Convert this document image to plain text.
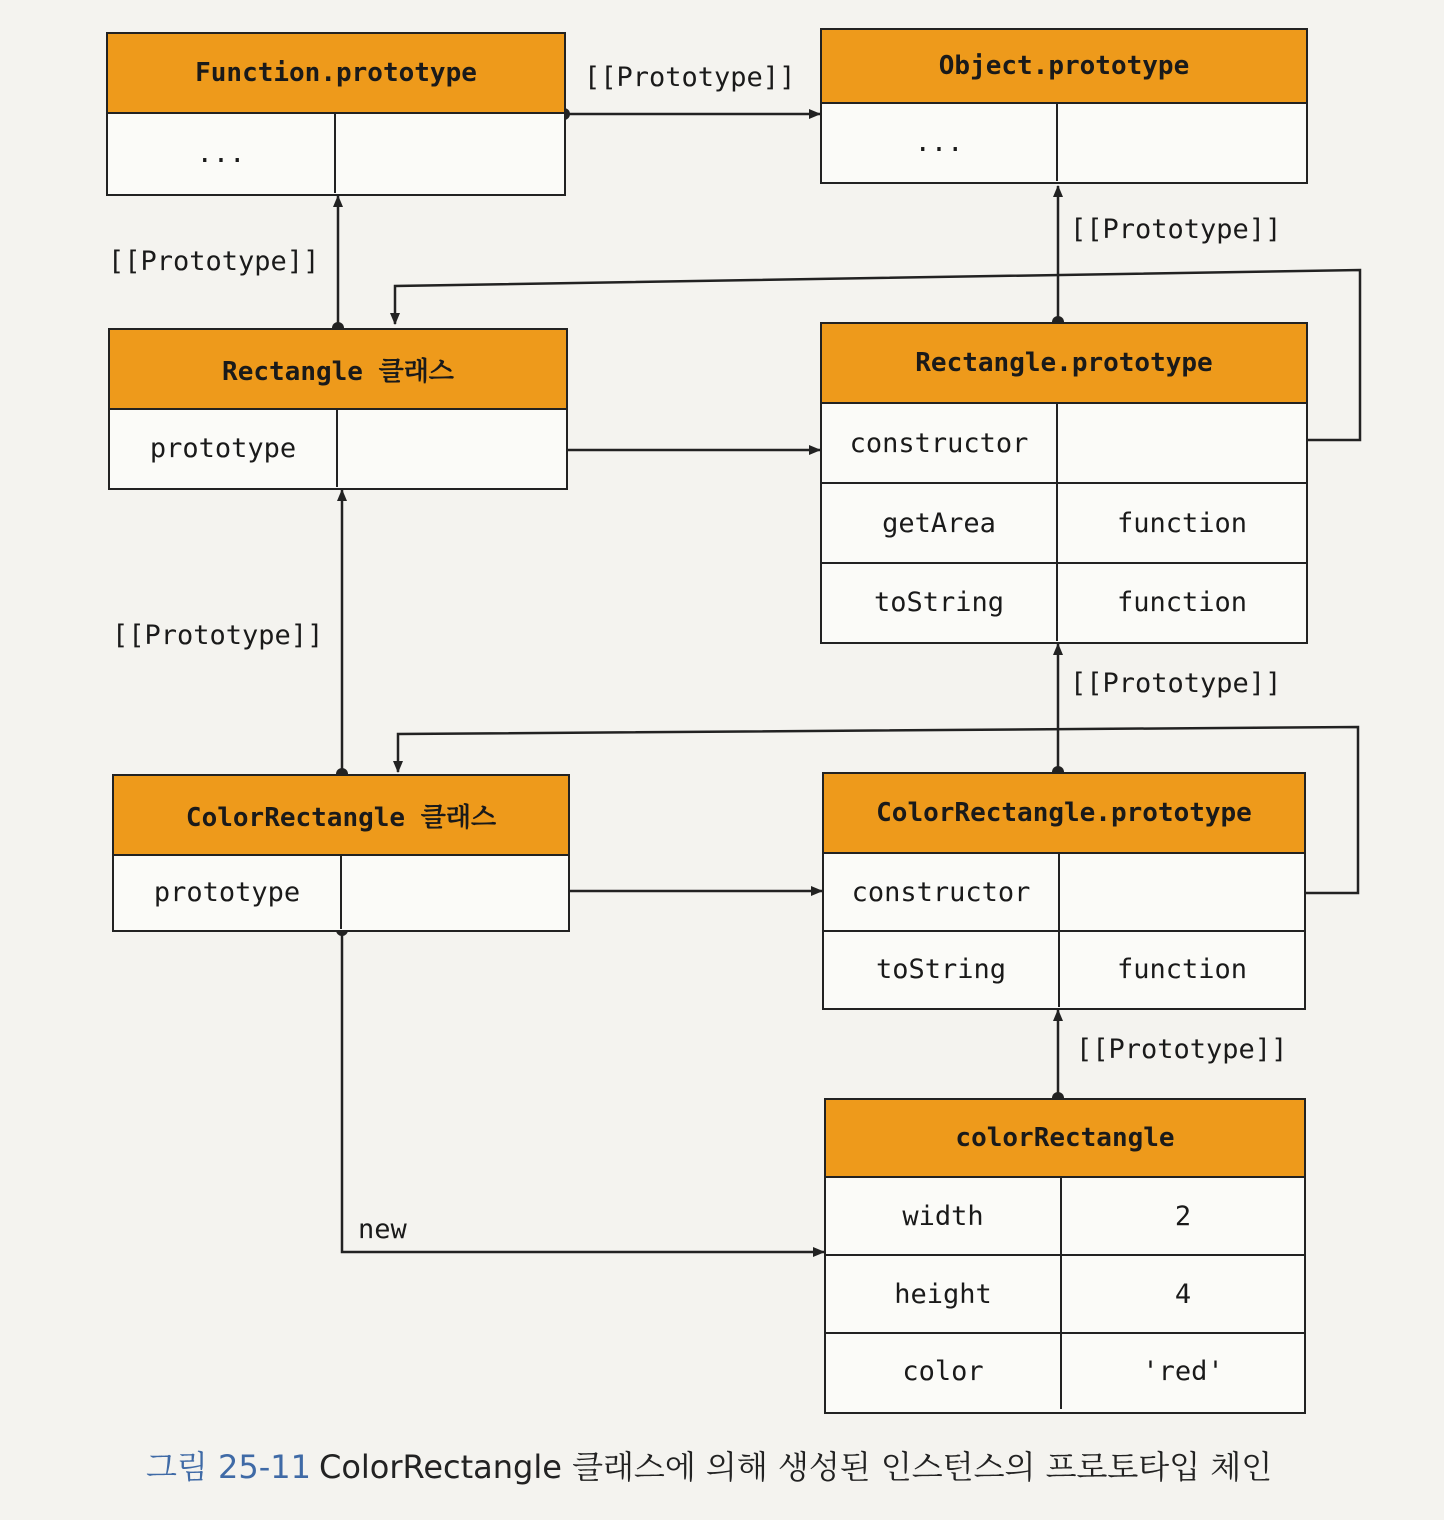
Function.prototype
...
Object.prototype
...
Rectangle 클래스
prototype
Rectangle.prototype
constructor
getArea	function
toString	function
ColorRectangle 클래스
prototype
ColorRectangle.prototype
constructor
toString	function
colorRectangle
width	2
height	4
color	'red'
[[Prototype]]
[[Prototype]]
[[Prototype]]
[[Prototype]]
[[Prototype]]
[[Prototype]]
new
그림 25-11 ColorRectangle 클래스에 의해 생성된 인스턴스의 프로토타입 체인
